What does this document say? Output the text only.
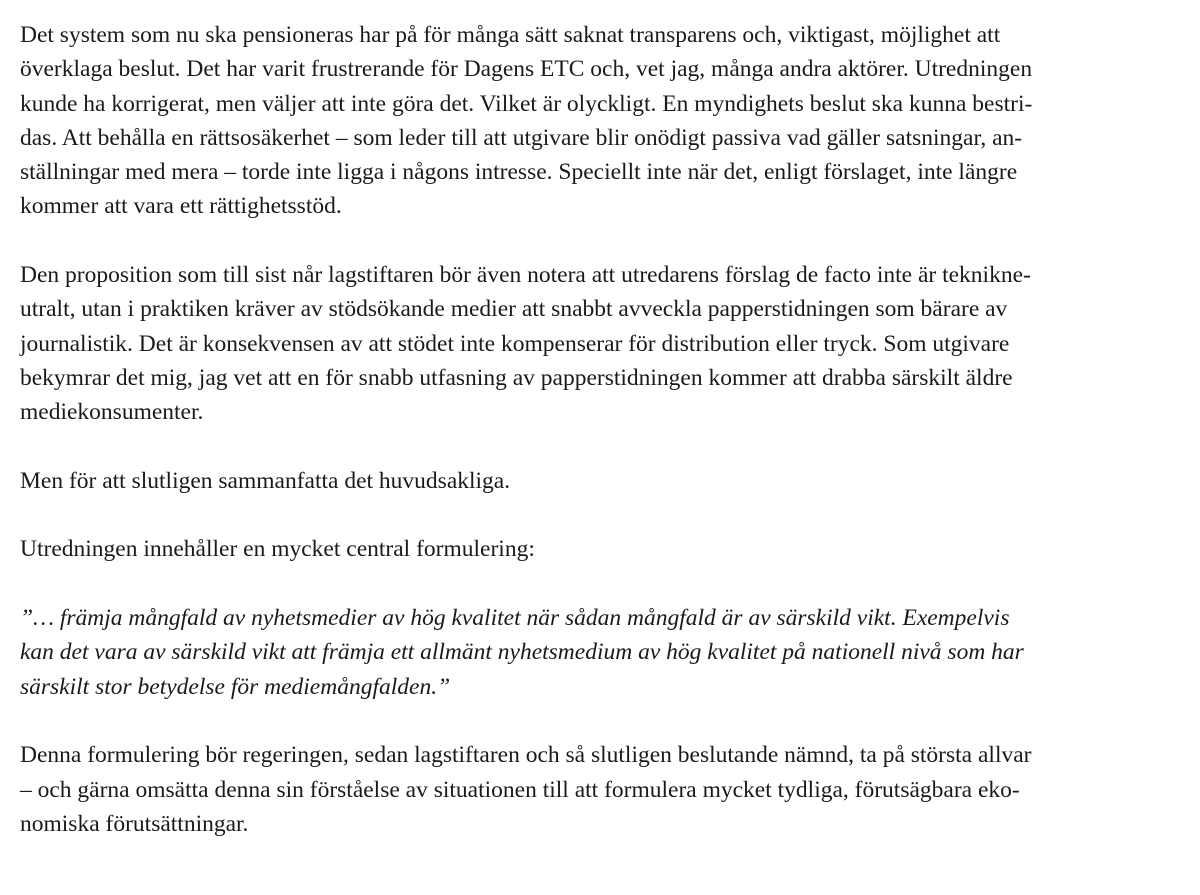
Det system som nu ska pensioneras har på för många sätt saknat transparens och, viktigast, möjlighet att
överklaga beslut. Det har varit frustrerande för Dagens ETC och, vet jag, många andra aktörer. Utredningen
kunde ha korrigerat, men väljer att inte göra det. Vilket är olyckligt. En myndighets beslut ska kunna bestri-
das. Att behålla en rättsosäkerhet – som leder till att utgivare blir onödigt passiva vad gäller satsningar, an-
ställningar med mera – torde inte ligga i någons intresse. Speciellt inte när det, enligt förslaget, inte längre
kommer att vara ett rättighetsstöd.

Den proposition som till sist når lagstiftaren bör även notera att utredarens förslag de facto inte är teknikne-
utralt, utan i praktiken kräver av stödsökande medier att snabbt avveckla papperstidningen som bärare av
journalistik. Det är konsekvensen av att stödet inte kompenserar för distribution eller tryck. Som utgivare
bekymrar det mig, jag vet att en för snabb utfasning av papperstidningen kommer att drabba särskilt äldre
mediekonsumenter.

Men för att slutligen sammanfatta det huvudsakliga.

Utredningen innehåller en mycket central formulering:

”… främja mångfald av nyhetsmedier av hög kvalitet när sådan mångfald är av särskild vikt. Exempelvis
kan det vara av särskild vikt att främja ett allmänt nyhetsmedium av hög kvalitet på nationell nivå som har
särskilt stor betydelse för mediemångfalden.”

Denna formulering bör regeringen, sedan lagstiftaren och så slutligen beslutande nämnd, ta på största allvar
– och gärna omsätta denna sin förståelse av situationen till att formulera mycket tydliga, förutsägbara eko-
nomiska förutsättningar.
